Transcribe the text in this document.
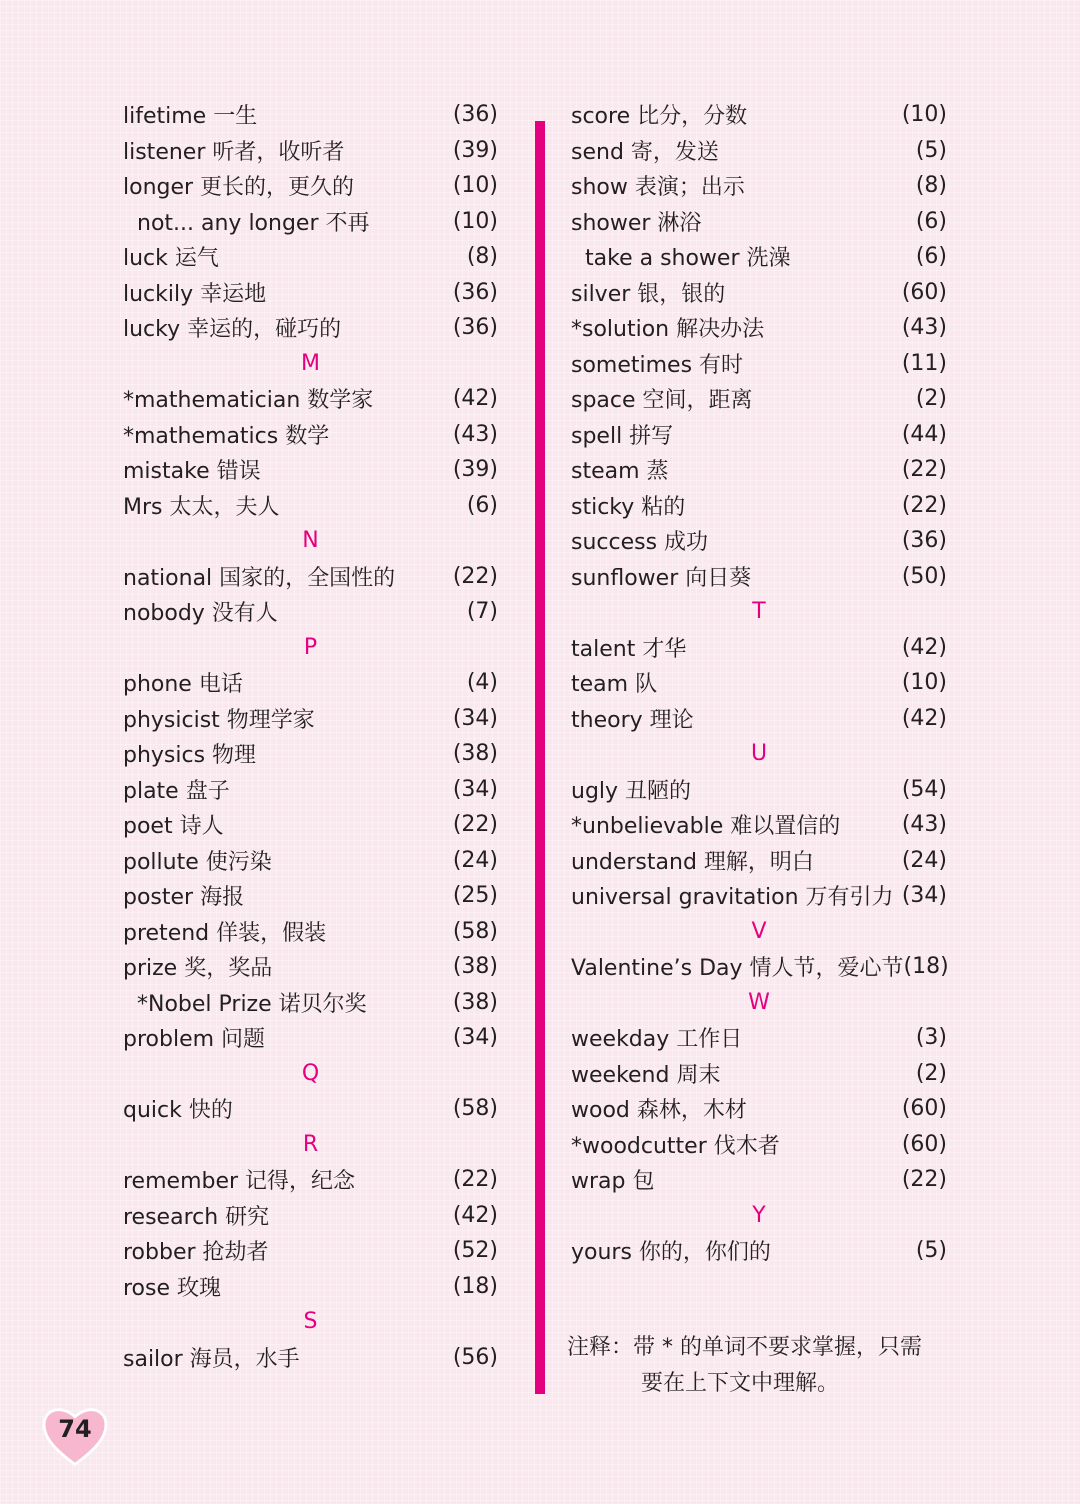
lifetime 一生	(36)
listener 听者，收听者	(39)
longer 更长的，更久的	(10)
not... any longer 不再	(10)
luck 运气	(8)
luckily 幸运地	(36)
lucky 幸运的，碰巧的	(36)
M
*mathematician 数学家	(42)
*mathematics 数学	(43)
mistake 错误	(39)
Mrs 太太，夫人	(6)
N
national 国家的，全国性的	(22)
nobody 没有人	(7)
P
phone 电话	(4)
physicist 物理学家	(34)
physics 物理	(38)
plate 盘子	(34)
poet 诗人	(22)
pollute 使污染	(24)
poster 海报	(25)
pretend 佯装，假装	(58)
prize 奖，奖品	(38)
*Nobel Prize 诺贝尔奖	(38)
problem 问题	(34)
Q
quick 快的	(58)
R
remember 记得，纪念	(22)
research 研究	(42)
robber 抢劫者	(52)
rose 玫瑰	(18)
S
sailor 海员，水手	(56)
score 比分，分数	(10)
send 寄，发送	(5)
show 表演；出示	(8)
shower 淋浴	(6)
take a shower 洗澡	(6)
silver 银，银的	(60)
*solution 解决办法	(43)
sometimes 有时	(11)
space 空间，距离	(2)
spell 拼写	(44)
steam 蒸	(22)
sticky 粘的	(22)
success 成功	(36)
sunflower 向日葵	(50)
T
talent 才华	(42)
team 队	(10)
theory 理论	(42)
U
ugly 丑陋的	(54)
*unbelievable 难以置信的	(43)
understand 理解，明白	(24)
universal gravitation 万有引力 (34)
V
Valentine’s Day 情人节，爱心节 (18)
W
weekday 工作日	(3)
weekend 周末	(2)
wood 森林，木材	(60)
*woodcutter 伐木者	(60)
wrap 包	(22)
Y
yours 你的，你们的	(5)
注释：带 * 的单词不要求掌握，只需
要在上下文中理解。
74
